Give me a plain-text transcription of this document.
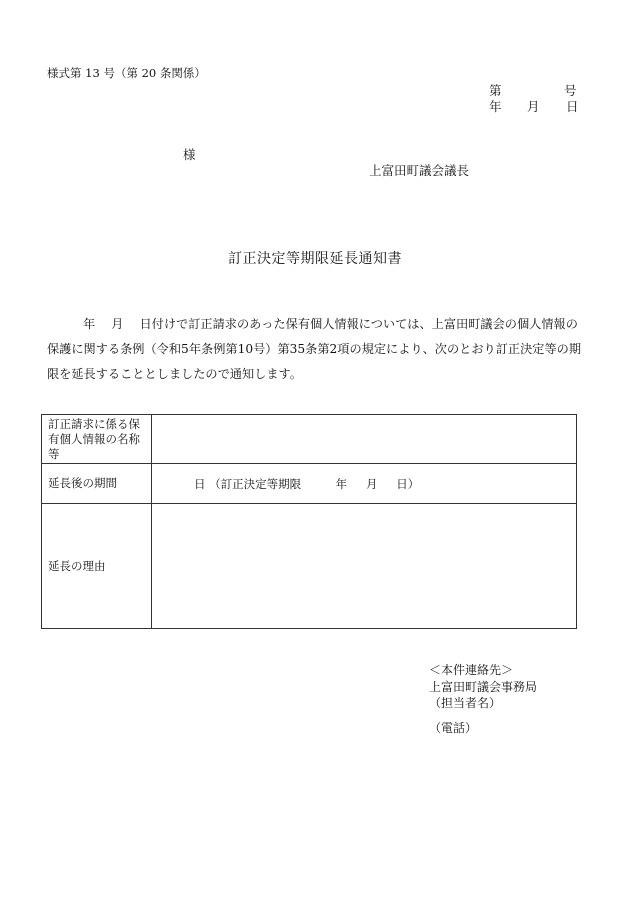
様式第 13 号（第 20 条関係）
第	号
年 月 日
様
上富田町議会議長
訂正決定等期限延長通知書
年　 月　 日付けで訂正請求のあった保有個人情報については、上富田町議会の個人情報の保護に関する条例（令和5年条例第10号）第35条第2項の規定により、次のとおり訂正決定等の期限を延長することとしましたので通知します。
訂正請求に係る保有個人情報の名称等	
延長後の期間	日 （訂正決定等期限　　　年　  月　  日）
延長の理由	
＜本件連絡先＞
上富田町議会事務局
（担当者名）
（電話）
